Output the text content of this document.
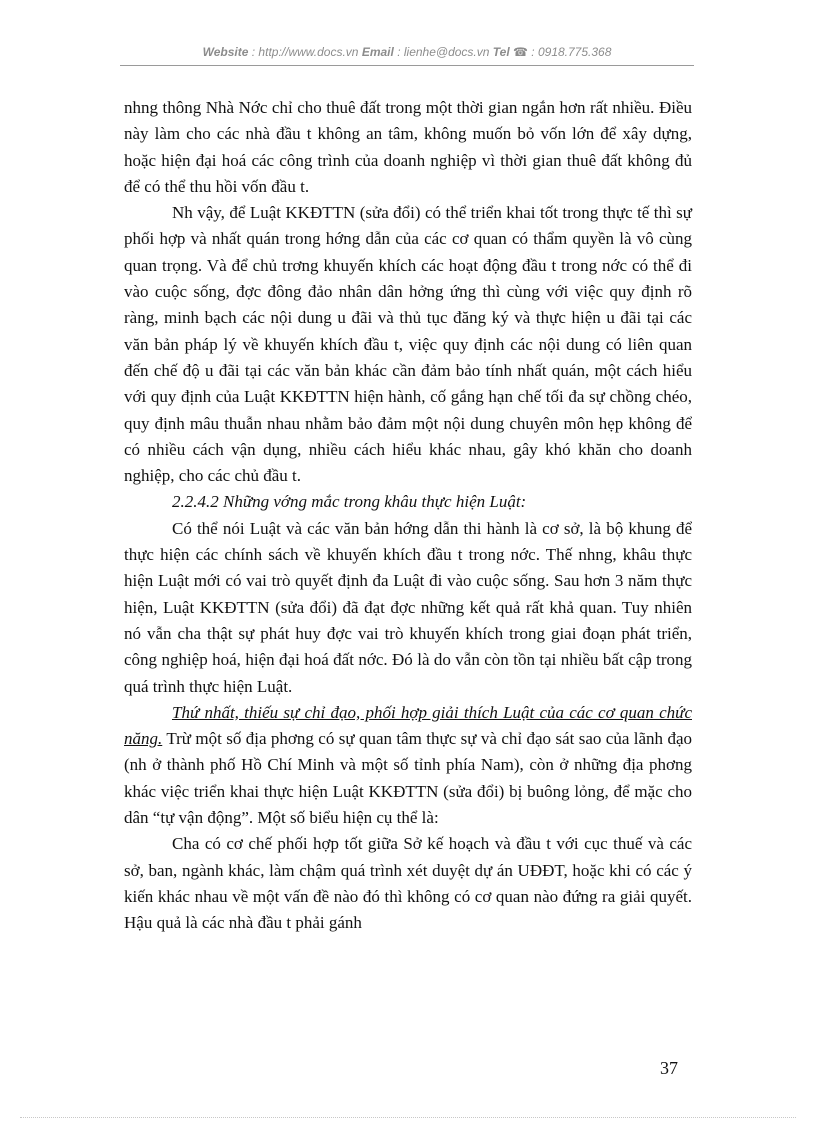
Website : http://www.docs.vn Email : lienhe@docs.vn Tel ☎ : 0918.775.368

nhng thông Nhà Nớc chỉ cho thuê đất trong một thời gian ngắn hơn rất nhiều. Điều này làm cho các nhà đầu t không an tâm, không muốn bỏ vốn lớn để xây dựng, hoặc hiện đại hoá các công trình của doanh nghiệp vì thời gian thuê đất không đủ để có thể thu hồi vốn đầu t.

Nh vậy, để Luật KKĐTTN (sửa đổi) có thể triển khai tốt trong thực tế thì sự phối hợp và nhất quán trong hớng dẫn của các cơ quan có thẩm quyền là vô cùng quan trọng. Và để chủ trơng khuyến khích các hoạt động đầu t trong nớc có thể đi vào cuộc sống, đợc đông đảo nhân dân hởng ứng thì cùng với việc quy định rõ ràng, minh bạch các nội dung u đãi và thủ tục đăng ký và thực hiện u đãi tại các văn bản pháp lý về khuyến khích đầu t, việc quy định các nội dung có liên quan đến chế độ u đãi tại các văn bản khác cần đảm bảo tính nhất quán, một cách hiểu với quy định của Luật KKĐTTN hiện hành, cố gắng hạn chế tối đa sự chồng chéo, quy định mâu thuẫn nhau nhằm bảo đảm một nội dung chuyên môn hẹp không để có nhiều cách vận dụng, nhiều cách hiểu khác nhau, gây khó khăn cho doanh nghiệp, cho các chủ đầu t.

2.2.4.2 Những vớng mắc trong khâu thực hiện Luật:

Có thể nói Luật và các văn bản hớng dẫn thi hành là cơ sở, là bộ khung để thực hiện các chính sách về khuyến khích đầu t trong nớc. Thế nhng, khâu thực hiện Luật mới có vai trò quyết định đa Luật đi vào cuộc sống. Sau hơn 3 năm thực hiện, Luật KKĐTTN (sửa đổi) đã đạt đợc những kết quả rất khả quan. Tuy nhiên nó vẫn cha thật sự phát huy đợc vai trò khuyến khích trong giai đoạn phát triển, công nghiệp hoá, hiện đại hoá đất nớc. Đó là do vẫn còn tồn tại nhiều bất cập trong quá trình thực hiện Luật.

Thứ nhất, thiếu sự chỉ đạo, phối hợp giải thích Luật của các cơ quan chức năng. Trừ một số địa phơng có sự quan tâm thực sự và chỉ đạo sát sao của lãnh đạo (nh ở thành phố Hồ Chí Minh và một số tỉnh phía Nam), còn ở những địa phơng khác việc triển khai thực hiện Luật KKĐTTN (sửa đổi) bị buông lỏng, để mặc cho dân “tự vận động”. Một số biểu hiện cụ thể là:

Cha có cơ chế phối hợp tốt giữa Sở kế hoạch và đầu t với cục thuế và các sở, ban, ngành khác, làm chậm quá trình xét duyệt dự án UĐĐT, hoặc khi có các ý kiến khác nhau về một vấn đề nào đó thì không có cơ quan nào đứng ra giải quyết. Hậu quả là các nhà đầu t phải gánh

37
